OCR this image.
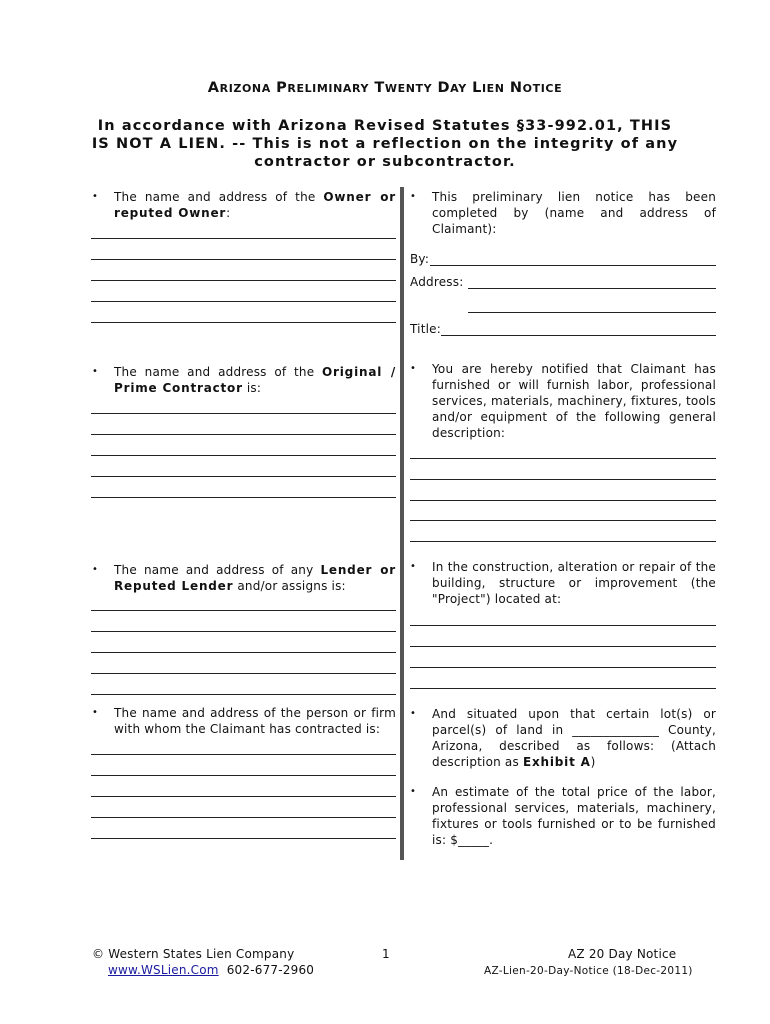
ARIZONA PRELIMINARY TWENTY DAY LIEN NOTICE
In accordance with Arizona Revised Statutes §33-992.01, THIS IS NOT A LIEN. -- This is not a reflection on the integrity of any contractor or subcontractor.
• The name and address of the Owner or reputed Owner:
• The name and address of the Original / Prime Contractor is:
• The name and address of any Lender or Reputed Lender and/or assigns is:
• The name and address of the person or firm with whom the Claimant has contracted is:
• This preliminary lien notice has been completed by (name and address of Claimant):
By:
Address:
Title:
• You are hereby notified that Claimant has furnished or will furnish labor, professional services, materials, machinery, fixtures, tools and/or equipment of the following general description:
• In the construction, alteration or repair of the building, structure or improvement (the "Project") located at:
• And situated upon that certain lot(s) or parcel(s) of land in ______________ County, Arizona, described as follows: (Attach description as Exhibit A)
• An estimate of the total price of the labor, professional services, materials, machinery, fixtures or tools furnished or to be furnished is: $_____.
© Western States Lien Company
www.WSLien.Com 602-677-2960
1	AZ 20 Day Notice
AZ-Lien-20-Day-Notice (18-Dec-2011)
